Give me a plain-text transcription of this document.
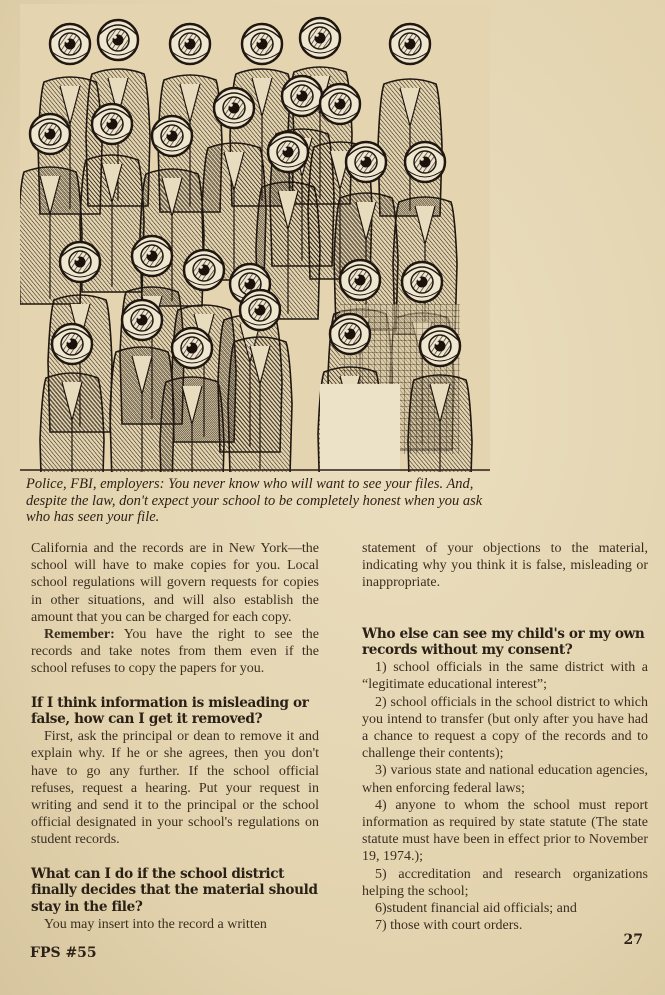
Police, FBI, employers: You never know who will want to see your files. And, despite the law, don't expect your school to be completely honest when you ask who has seen your file.

California and the records are in New York—the school will have to make copies for you. Local school regulations will govern requests for copies in other situations, and will also establish the amount that you can be charged for each copy.

Remember: You have the right to see the records and take notes from them even if the school refuses to copy the papers for you.

If I think information is misleading or false, how can I get it removed?

First, ask the principal or dean to remove it and explain why. If he or she agrees, then you don't have to go any further. If the school official refuses, request a hearing. Put your request in writing and send it to the principal or the school official designated in your school's regulations on student records.

What can I do if the school district finally decides that the material should stay in the file?

You may insert into the record a written

statement of your objections to the material, indicating why you think it is false, misleading or inappropriate.

Who else can see my child's or my own records without my consent?

1) school officials in the same district with a “legitimate educational interest”;

2) school officials in the school district to which you intend to transfer (but only after you have had a chance to request a copy of the records and to challenge their contents);

3) various state and national education agencies, when enforcing federal laws;

4) anyone to whom the school must report information as required by state statute (The state statute must have been in effect prior to November 19, 1974.);

5) accreditation and research organizations helping the school;

6)student financial aid officials; and

7) those with court orders.

FPS #55
27
